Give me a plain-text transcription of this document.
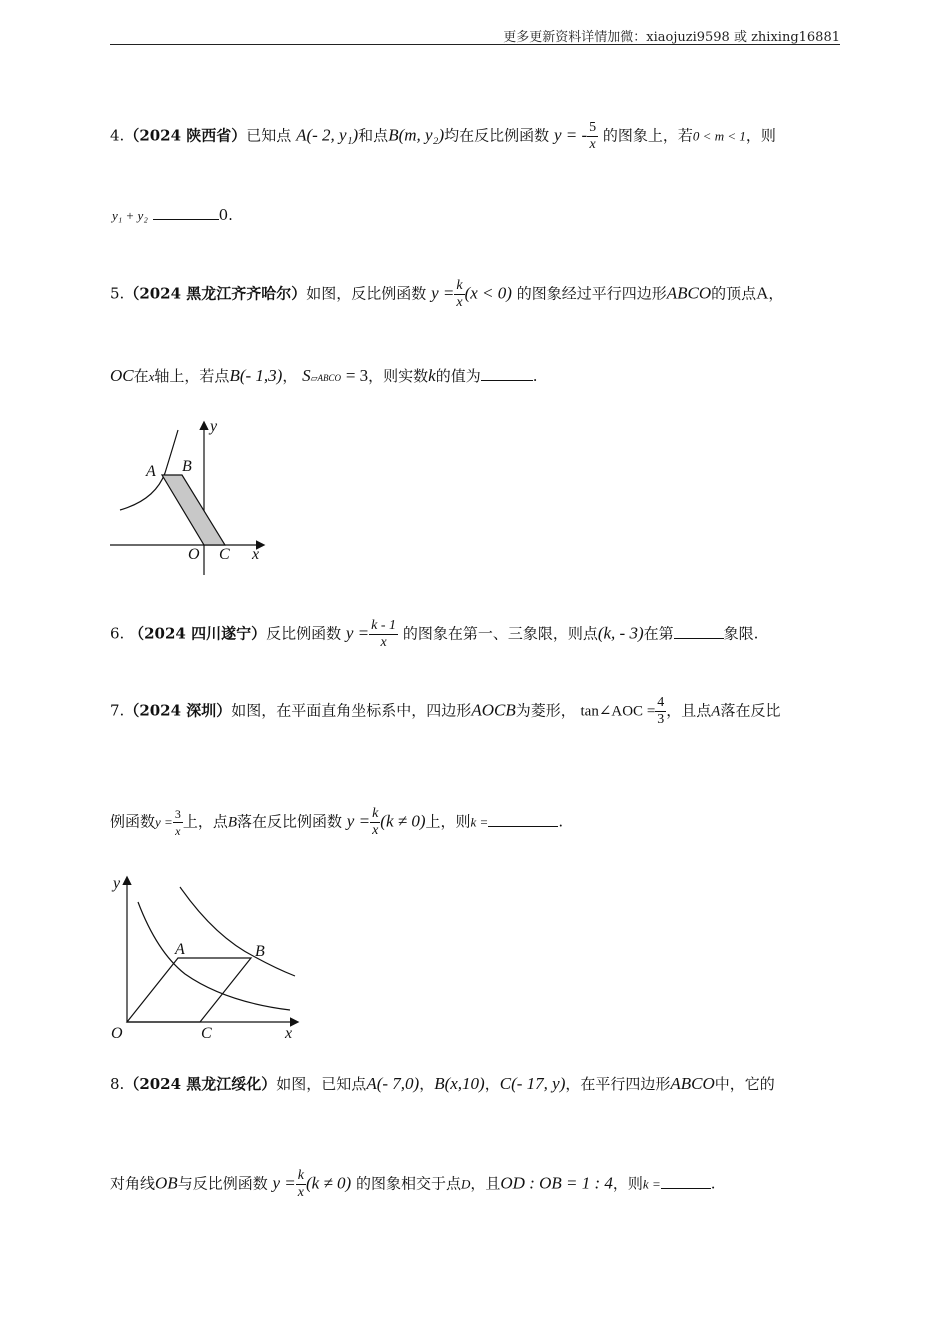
更多更新资料详情加微：xiaojuzi9598 或 zhixing16881
4.（2024 陕西省）已知点 A(- 2, y₁)和点B(m, y₂)均在反比例函数 y = - $\frac{5}{x}$ 的图象上，若0 < m < 1，则
y₁ + y₂	0.
5.（2024 黑龙江齐齐哈尔）如图，反比例函数 $y = \frac{k}{x} (x < 0)$ 的图象经过平行四边形ABCO的顶点A，
OC在x轴上，若点B(- 1,3)， S▱ABCO = 3，则实数k的值为	.
A B
O C x
y
6. （2024 四川遂宁）反比例函数 $y = \frac{k - 1}{x}$ 的图象在第一、三象限，则点(k, - 3)在第	象限.
7.（2024 深圳）如图，在平面直角坐标系中，四边形AOCB为菱形， tan∠AOC = $\frac{4}{3}$ ，且点A落在反比
例函数$y = \frac{3}{x}$ 上，点B落在反比例函数 $y = \frac{k}{x} (k \ne 0)$上，则k =	.
A	B
O	C	x
y
8.（2024 黑龙江绥化）如图，已知点A(- 7,0)，B(x,10)，C(- 17, y)，在平行四边形ABCO中，它的
对角线OB与反比例函数 $y = \frac{k}{x} (k \ne 0)$ 的图象相交于点D，且OD : OB = 1 : 4，则k =	.
